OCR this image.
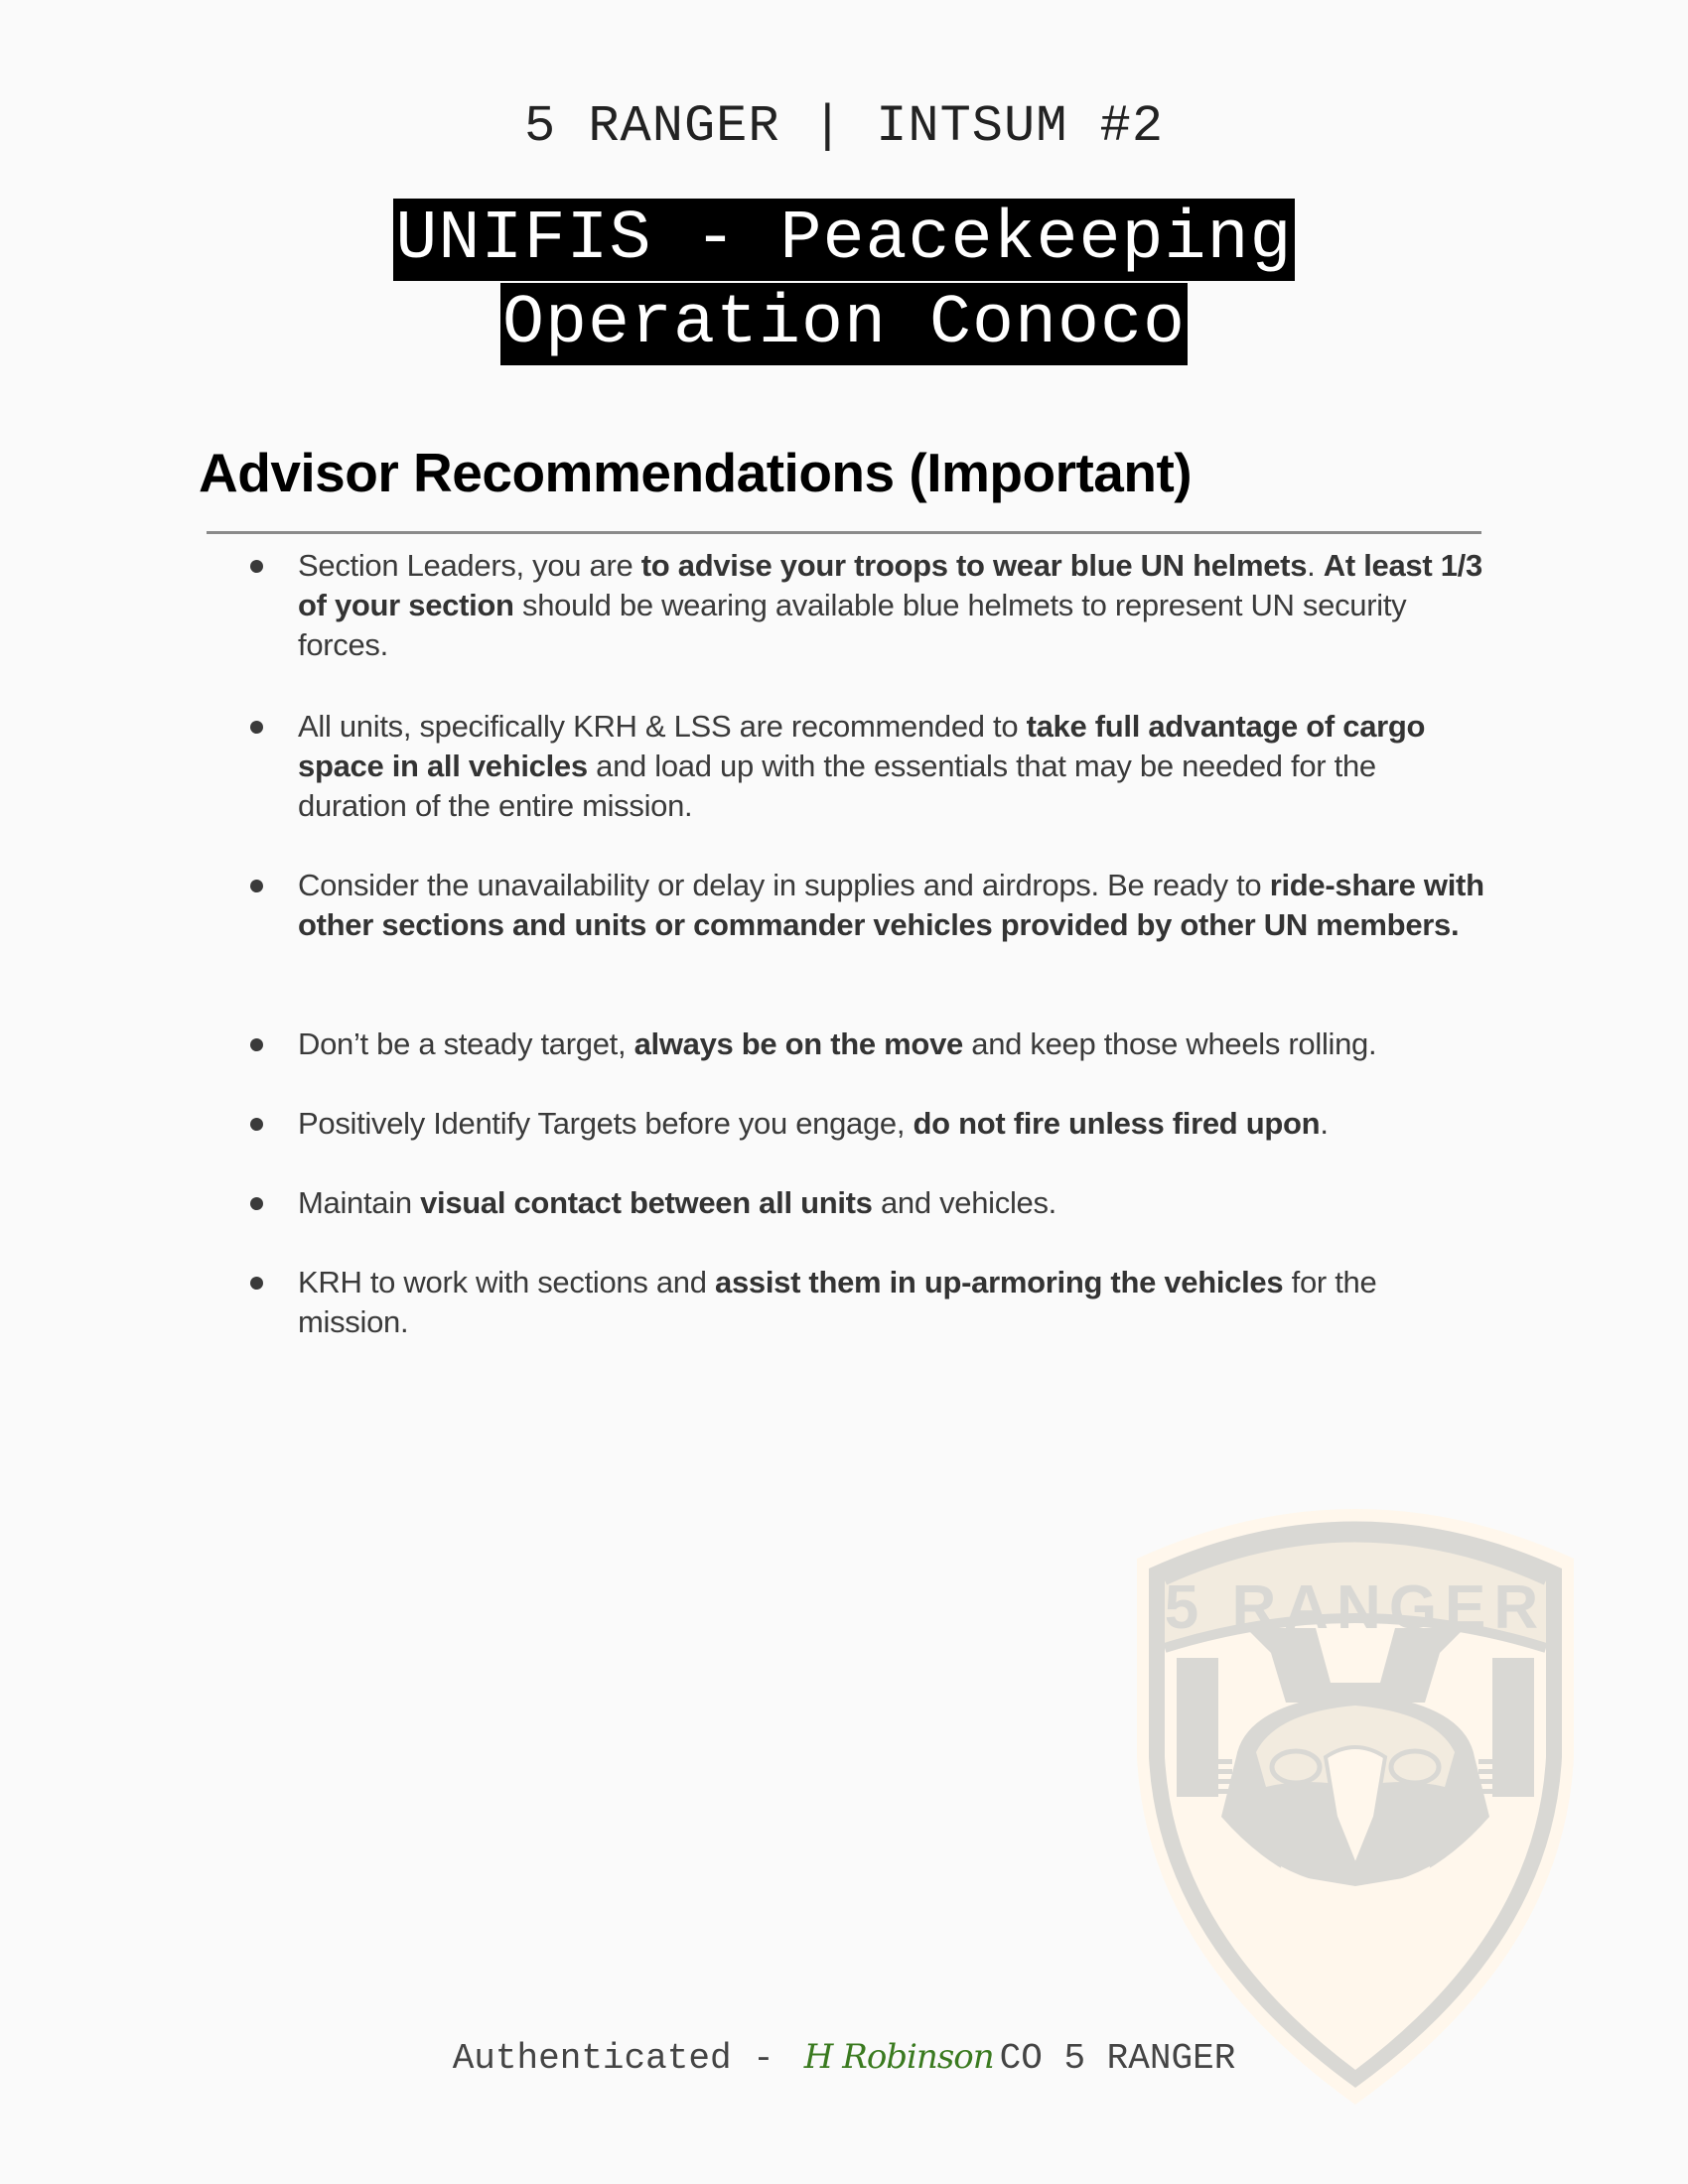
5 RANGER | INTSUM #2
UNIFIS - Peacekeeping
Operation Conoco
Advisor Recommendations (Important)
Section Leaders, you are to advise your troops to wear blue UN helmets. At least 1/3 of your section should be wearing available blue helmets to represent UN security forces.
All units, specifically KRH & LSS are recommended to take full advantage of cargo space in all vehicles and load up with the essentials that may be needed for the duration of the entire mission.
Consider the unavailability or delay in supplies and airdrops. Be ready to ride-share with other sections and units or commander vehicles provided by other UN members.
Don’t be a steady target, always be on the move and keep those wheels rolling.
Positively Identify Targets before you engage, do not fire unless fired upon.
Maintain visual contact between all units and vehicles.
KRH to work with sections and assist them in up-armoring the vehicles for the mission.
5 RANGER
Authenticated - H Robinson CO 5 RANGER
